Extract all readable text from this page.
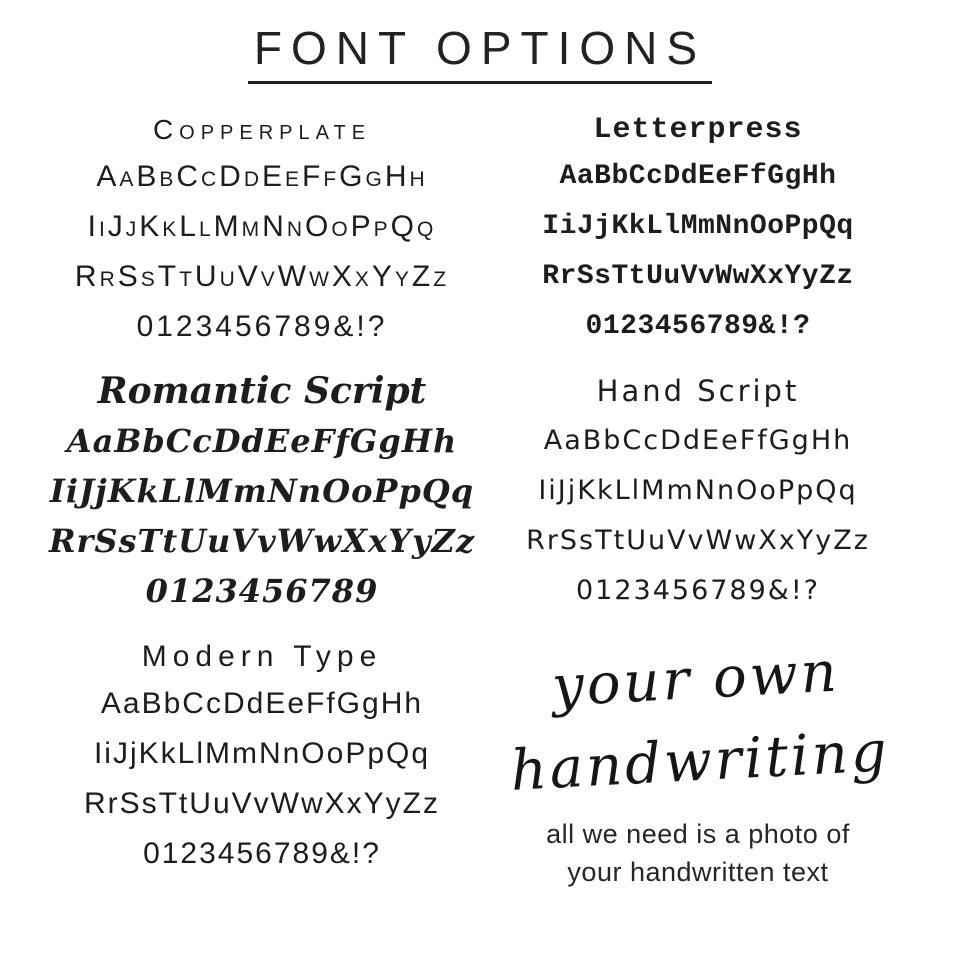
FONT OPTIONS
Copperplate
AaBbCcDdEeFfGgHh
IiJjKkLlMmNnOoPpQq
RrSsTtUuVvWwXxYyZz
0123456789&!?
Letterpress
AaBbCcDdEeFfGgHh
IiJjKkLlMmNnOoPpQq
RrSsTtUuVvWwXxYyZz
0123456789&!?
Romantic Script
AaBbCcDdEeFfGgHh
IiJjKkLlMmNnOoPpQq
RrSsTtUuVvWwXxYyZz
0123456789
Hand Script
AaBbCcDdEeFfGgHh
IiJjKkLlMmNnOoPpQq
RrSsTtUuVvWwXxYyZz
0123456789&!?
Modern Type
AaBbCcDdEeFfGgHh
IiJjKkLlMmNnOoPpQq
RrSsTtUuVvWwXxYyZz
0123456789&!?
your own
handwriting
all we need is a photo of
your handwritten text
